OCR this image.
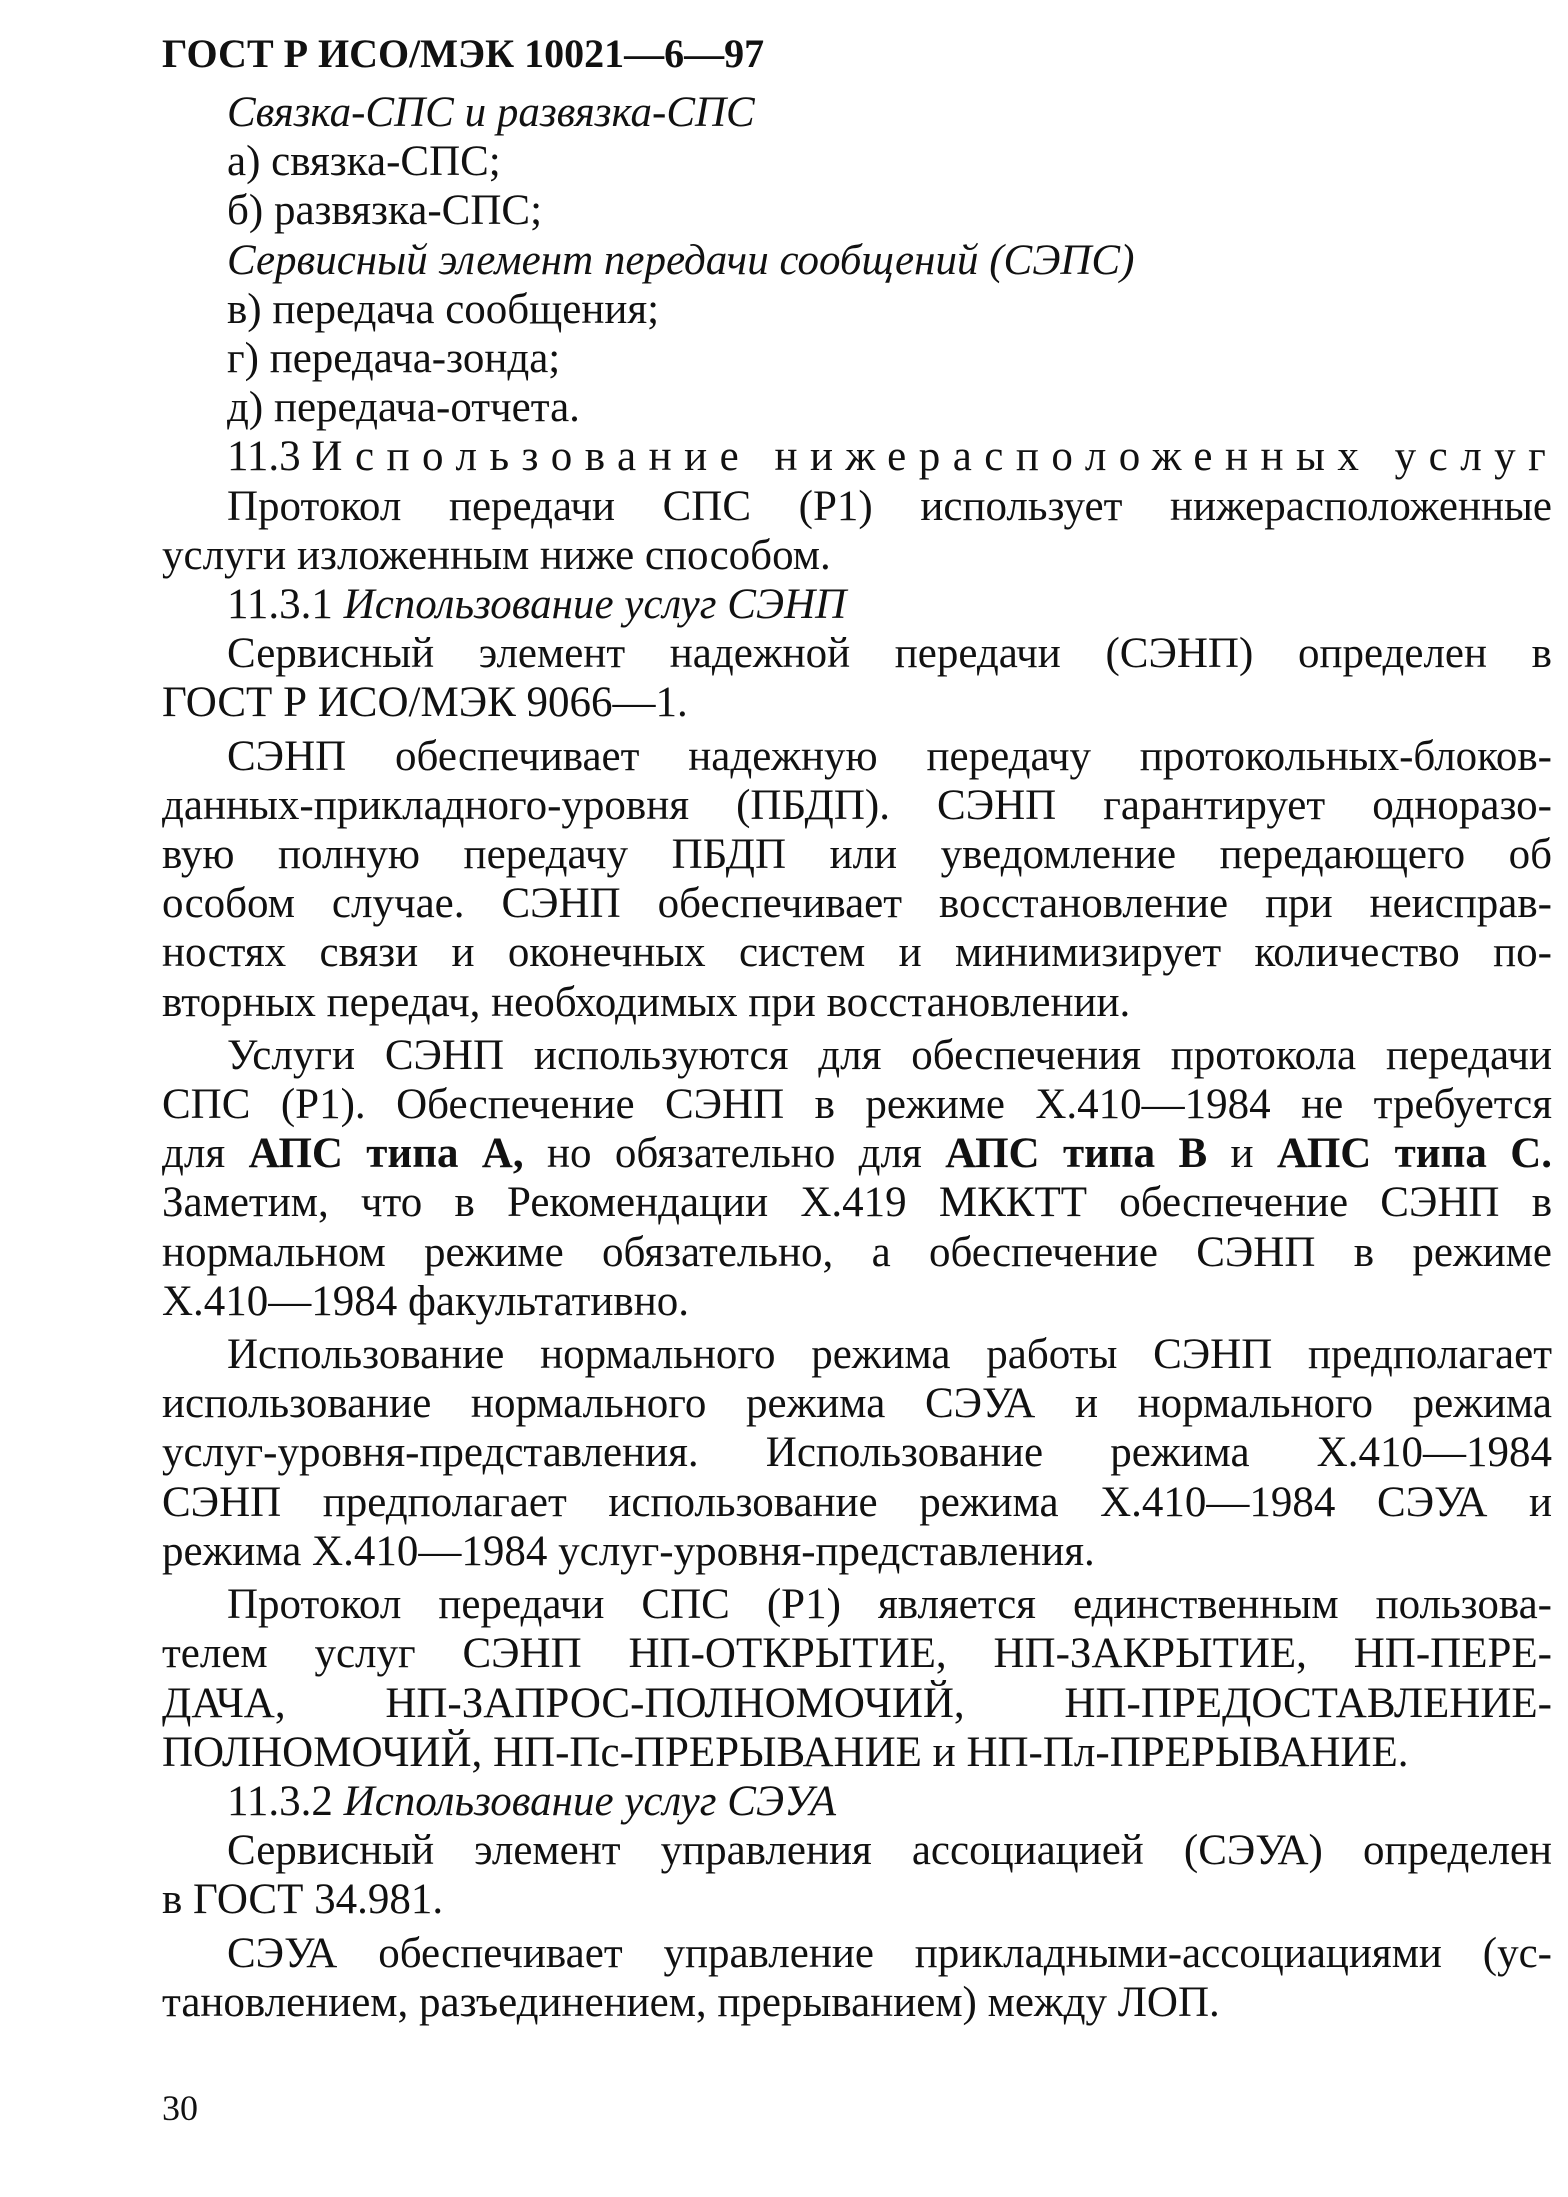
ГОСТ Р ИСО/МЭК 10021—6—97
Связка-СПС и развязка-СПС
а) связка-СПС;
б) развязка-СПС;
Сервисный элемент передачи сообщений (СЭПС)
в) передача сообщения;
г) передача-зонда;
д) передача-отчета.
11.3 Использование нижерасположенных услуг
Протокол передачи СПС (Р1) использует нижерасположенные
услуги изложенным ниже способом.
11.3.1 Использование услуг СЭНП
Сервисный элемент надежной передачи (СЭНП) определен в
ГОСТ Р ИСО/МЭК 9066—1.
СЭНП обеспечивает надежную передачу протокольных-блоков-
данных-прикладного-уровня (ПБДП). СЭНП гарантирует одноразо-
вую полную передачу ПБДП или уведомление передающего об
особом случае. СЭНП обеспечивает восстановление при неисправ-
ностях связи и оконечных систем и минимизирует количество по-
вторных передач, необходимых при восстановлении.
Услуги СЭНП используются для обеспечения протокола передачи
СПС (Р1). Обеспечение СЭНП в режиме Х.410—1984 не требуется
для АПС типа А, но обязательно для АПС типа В и АПС типа С.
Заметим, что в Рекомендации Х.419 МККТТ обеспечение СЭНП в
нормальном режиме обязательно, а обеспечение СЭНП в режиме
Х.410—1984 факультативно.
Использование нормального режима работы СЭНП предполагает
использование нормального режима СЭУА и нормального режима
услуг-уровня-представления. Использование режима Х.410—1984
СЭНП предполагает использование режима Х.410—1984 СЭУА и
режима Х.410—1984 услуг-уровня-представления.
Протокол передачи СПС (Р1) является единственным пользова-
телем услуг СЭНП НП-ОТКРЫТИЕ, НП-ЗАКРЫТИЕ, НП-ПЕРЕ-
ДАЧА, НП-ЗАПРОС-ПОЛНОМОЧИЙ, НП-ПРЕДОСТАВЛЕНИЕ-
ПОЛНОМОЧИЙ, НП-Пс-ПРЕРЫВАНИЕ и НП-Пл-ПРЕРЫВАНИЕ.
11.3.2 Использование услуг СЭУА
Сервисный элемент управления ассоциацией (СЭУА) определен
в ГОСТ 34.981.
СЭУА обеспечивает управление прикладными-ассоциациями (ус-
тановлением, разъединением, прерыванием) между ЛОП.
30
